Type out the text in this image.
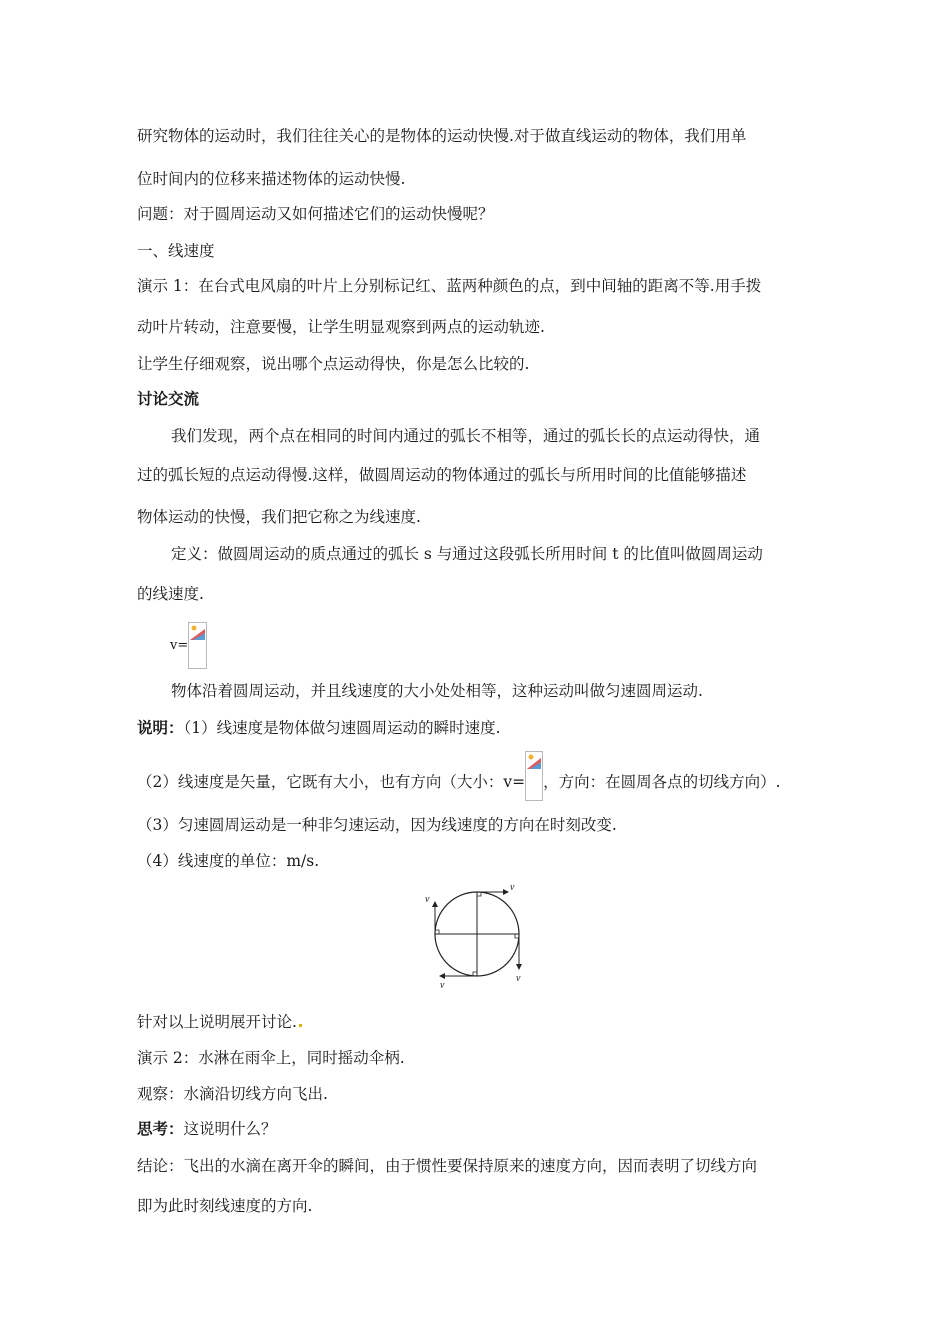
研究物体的运动时，我们往往关心的是物体的运动快慢.对于做直线运动的物体，我们用单
位时间内的位移来描述物体的运动快慢.
问题：对于圆周运动又如何描述它们的运动快慢呢？
一、线速度
演示 1：在台式电风扇的叶片上分别标记红、蓝两种颜色的点，到中间轴的距离不等.用手拨
动叶片转动，注意要慢，让学生明显观察到两点的运动轨迹.
让学生仔细观察，说出哪个点运动得快，你是怎么比较的.
讨论交流
我们发现，两个点在相同的时间内通过的弧长不相等，通过的弧长长的点运动得快，通
过的弧长短的点运动得慢.这样，做圆周运动的物体通过的弧长与所用时间的比值能够描述
物体运动的快慢，我们把它称之为线速度.
定义：做圆周运动的质点通过的弧长 s 与通过这段弧长所用时间 t 的比值叫做圆周运动
的线速度.
v=
物体沿着圆周运动，并且线速度的大小处处相等，这种运动叫做匀速圆周运动.
说明：（1）线速度是物体做匀速圆周运动的瞬时速度.
（2）线速度是矢量，它既有大小，也有方向（大小：v= ，方向：在圆周各点的切线方向）.
（3）匀速圆周运动是一种非匀速运动，因为线速度的方向在时刻改变.
（4）线速度的单位：m/s.
v
v
v
v
针对以上说明展开讨论.
演示 2：水淋在雨伞上，同时摇动伞柄.
观察：水滴沿切线方向飞出.
思考：这说明什么？
结论：飞出的水滴在离开伞的瞬间，由于惯性要保持原来的速度方向，因而表明了切线方向
即为此时刻线速度的方向.
